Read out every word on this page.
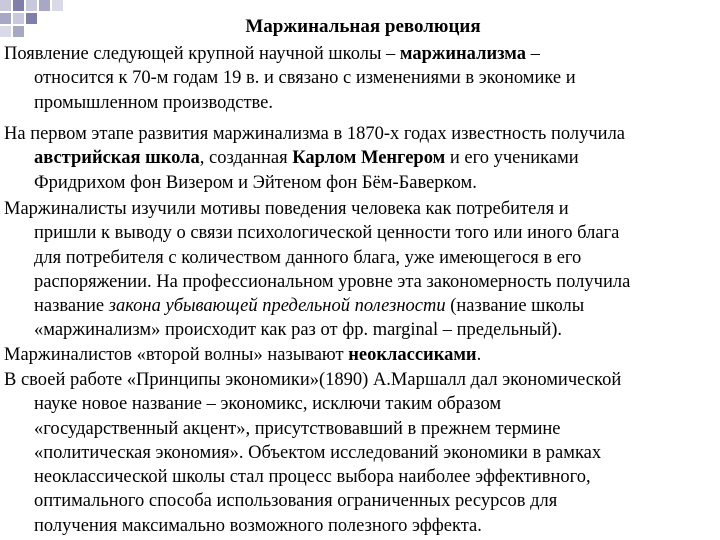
Маржинальная революция

Появление следующей крупной научной школы – маржинализма –
относится к 70-м годам 19 в. и связано с изменениями в экономике и
промышленном производстве.

На первом этапе развития маржинализма в 1870-х годах известность получила
австрийская школа, созданная Карлом Менгером и его учениками
Фридрихом фон Визером и Эйтеном фон Бём-Баверком.

Маржиналисты изучили мотивы поведения человека как потребителя и
пришли к выводу о связи психологической ценности того или иного блага
для потребителя с количеством данного блага, уже имеющегося в его
распоряжении. На профессиональном уровне эта закономерность получила
название закона убывающей предельной полезности (название школы
«маржинализм» происходит как раз от фр. marginal – предельный).

Маржиналистов «второй волны» называют неоклассиками.

В своей работе «Принципы экономики»(1890) А.Маршалл дал экономической
науке новое название – экономикс, исключи таким образом
«государственный акцент», присутствовавший в прежнем термине
«политическая экономия». Объектом исследований экономики в рамках
неоклассической школы стал процесс выбора наиболее эффективного,
оптимального способа использования ограниченных ресурсов для
получения максимально возможного полезного эффекта.
